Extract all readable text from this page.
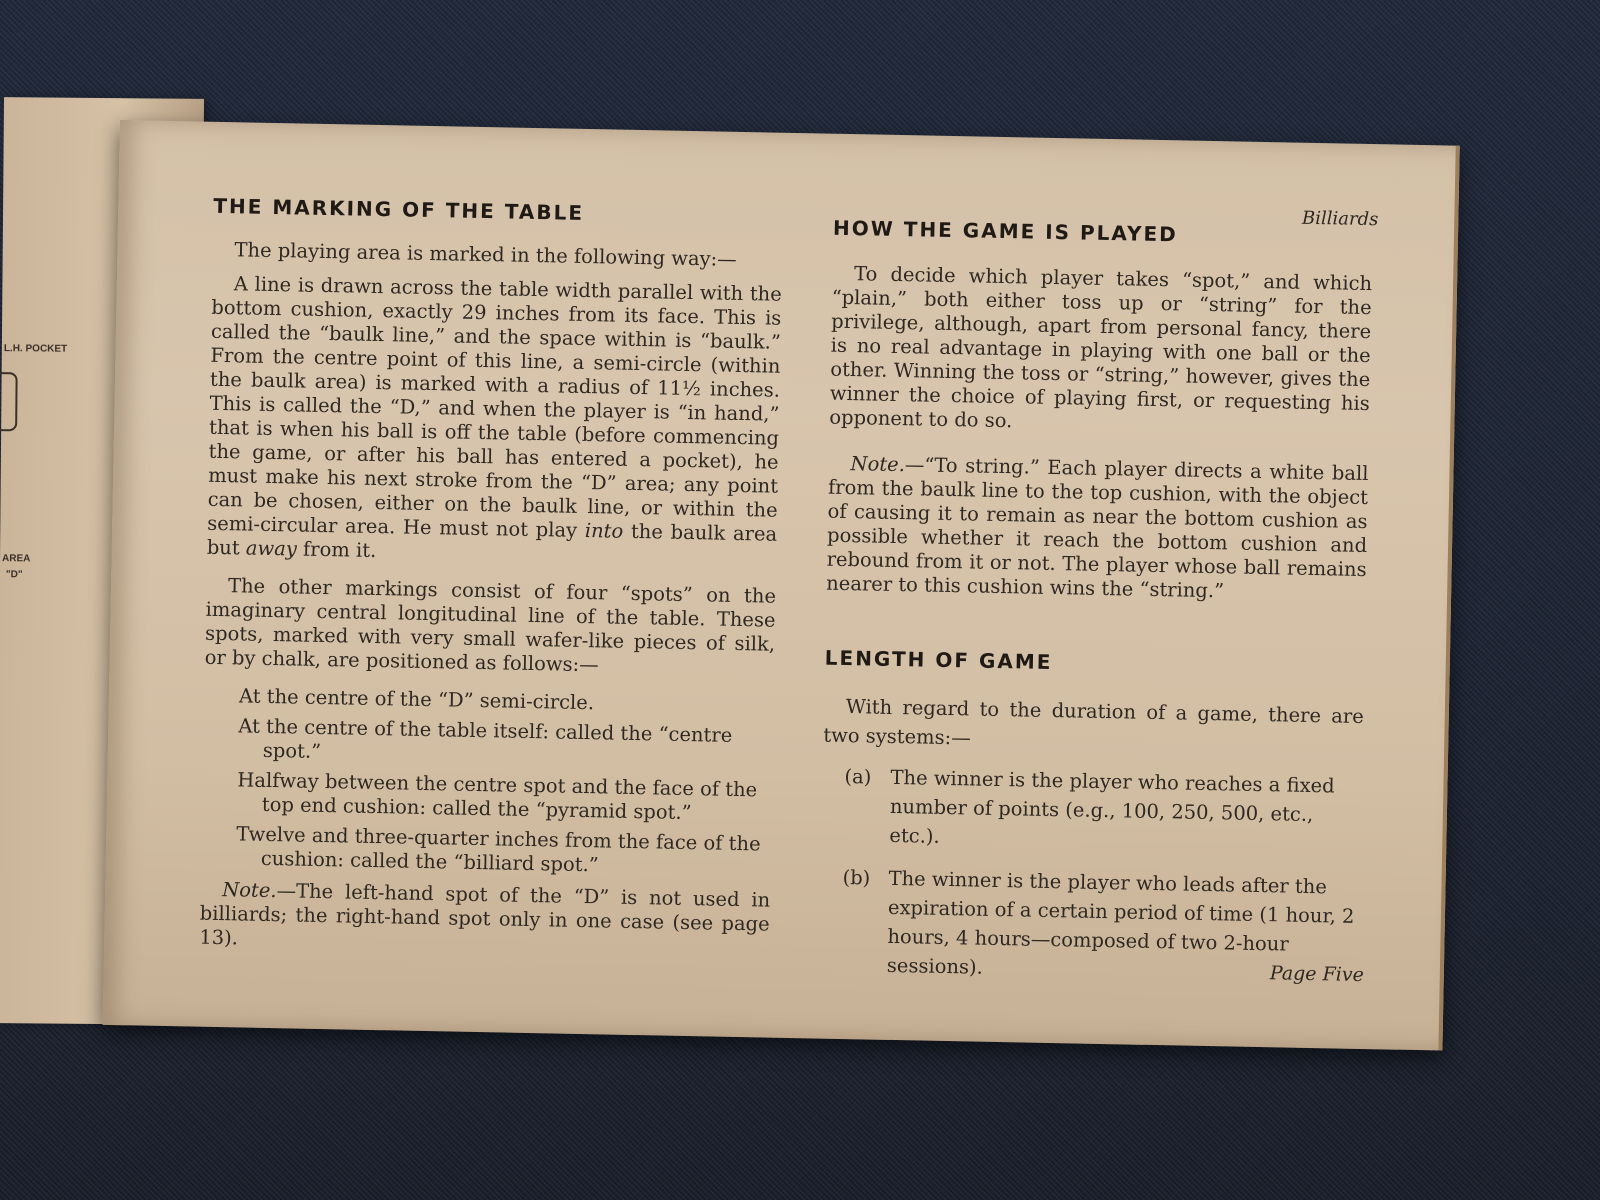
L.H. POCKET
AREA
"D"
Billiards
THE MARKING OF THE TABLE

The playing area is marked in the following way:—

A line is drawn across the table width parallel with the bottom cushion, exactly 29 inches from its face. This is called the “baulk line,” and the space within is “baulk.” From the centre point of this line, a semi-circle (within the baulk area) is marked with a radius of 11½ inches. This is called the “D,” and when the player is “in hand,” that is when his ball is off the table (before commencing the game, or after his ball has entered a pocket), he must make his next stroke from the “D” area; any point can be chosen, either on the baulk line, or within the semi-circular area. He must not play into the baulk area but away from it.

The other markings consist of four “spots” on the imaginary central longitudinal line of the table. These spots, marked with very small wafer-like pieces of silk, or by chalk, are positioned as follows:—

At the centre of the “D” semi-circle.
At the centre of the table itself: called the “centre spot.”
Halfway between the centre spot and the face of the top end cushion: called the “pyramid spot.”
Twelve and three-quarter inches from the face of the cushion: called the “billiard spot.”

Note.—The left-hand spot of the “D” is not used in billiards; the right-hand spot only in one case (see page 13).

HOW THE GAME IS PLAYED

To decide which player takes “spot,” and which “plain,” both either toss up or “string” for the privilege, although, apart from personal fancy, there is no real advantage in playing with one ball or the other. Winning the toss or “string,” however, gives the winner the choice of playing first, or requesting his opponent to do so.

Note.—“To string.” Each player directs a white ball from the baulk line to the top cushion, with the object of causing it to remain as near the bottom cushion as possible whether it reach the bottom cushion and rebound from it or not. The player whose ball remains nearer to this cushion wins the “string.”

LENGTH OF GAME

With regard to the duration of a game, there are two systems:—

(a) The winner is the player who reaches a fixed number of points (e.g., 100, 250, 500, etc., etc.).
(b) The winner is the player who leads after the expiration of a certain period of time (1 hour, 2 hours, 4 hours—composed of two 2-hour sessions).	Page Five
